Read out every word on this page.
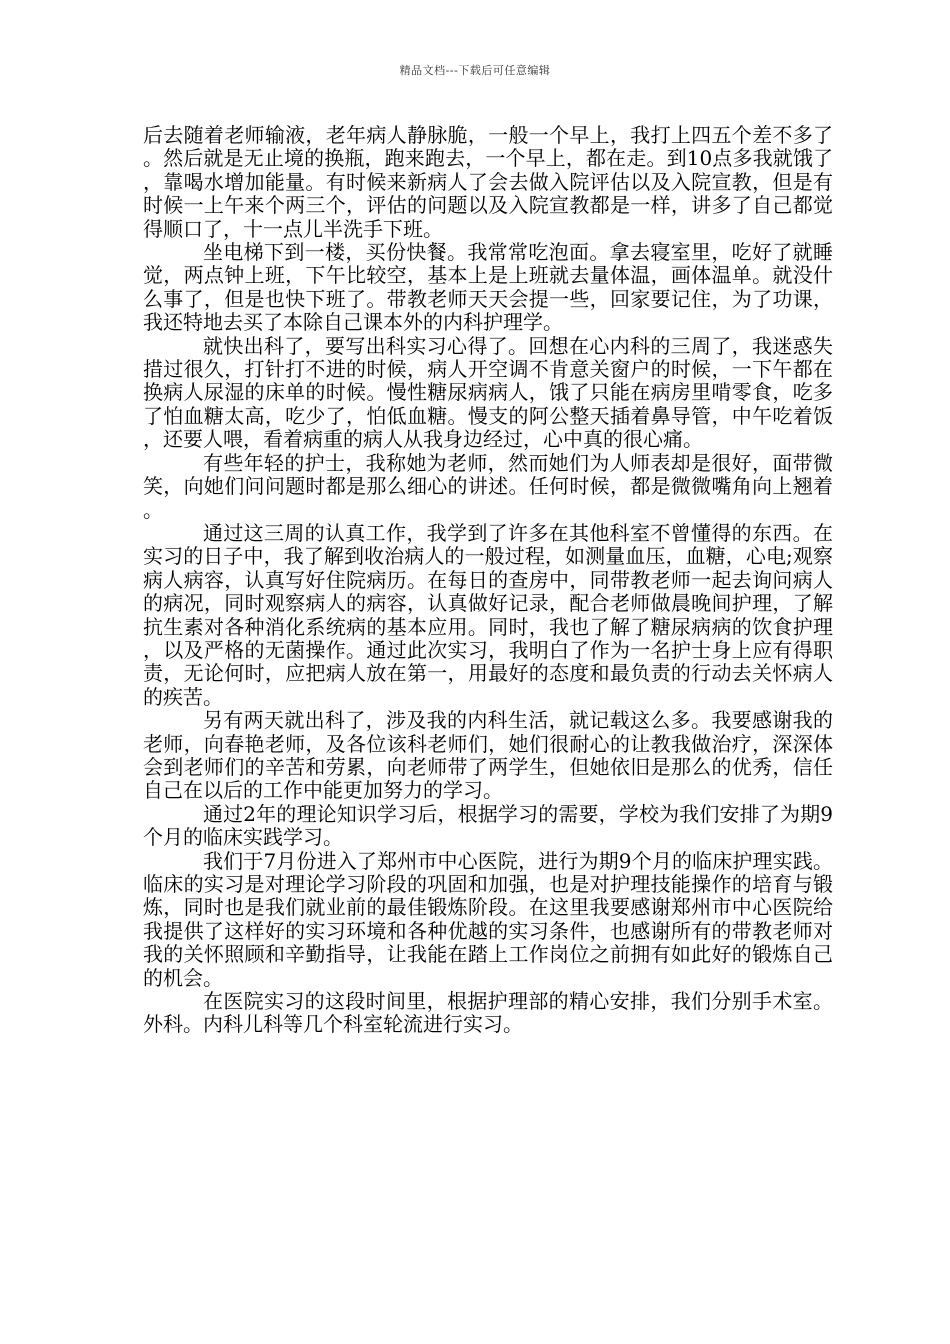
精品文档---下载后可任意编辑

后去随着老师输液，老年病人静脉脆，一般一个早上，我打上四五个差不多了。然后就是无止境的换瓶，跑来跑去，一个早上，都在走。到10点多我就饿了，靠喝水增加能量。有时候来新病人了会去做入院评估以及入院宣教，但是有时候一上午来个两三个，评估的问题以及入院宣教都是一样，讲多了自己都觉得顺口了，十一点儿半洗手下班。

坐电梯下到一楼，买份快餐。我常常吃泡面。拿去寝室里，吃好了就睡觉，两点钟上班，下午比较空，基本上是上班就去量体温，画体温单。就没什么事了，但是也快下班了。带教老师天天会提一些，回家要记住，为了功课，我还特地去买了本除自己课本外的内科护理学。

就快出科了，要写出科实习心得了。回想在心内科的三周了，我迷惑失措过很久，打针打不进的时候，病人开空调不肯意关窗户的时候，一下午都在换病人尿湿的床单的时候。慢性糖尿病病人，饿了只能在病房里啃零食，吃多了怕血糖太高，吃少了，怕低血糖。慢支的阿公整天插着鼻导管，中午吃着饭，还要人喂，看着病重的病人从我身边经过，心中真的很心痛。

有些年轻的护士，我称她为老师，然而她们为人师表却是很好，面带微笑，向她们问问题时都是那么细心的讲述。任何时候，都是微微嘴角向上翘着。

通过这三周的认真工作，我学到了许多在其他科室不曾懂得的东西。在实习的日子中，我了解到收治病人的一般过程，如测量血压，血糖，心电;观察病人病容，认真写好住院病历。在每日的查房中，同带教老师一起去询问病人的病况，同时观察病人的病容，认真做好记录，配合老师做晨晚间护理，了解抗生素对各种消化系统病的基本应用。同时，我也了解了糖尿病病的饮食护理，以及严格的无菌操作。通过此次实习，我明白了作为一名护士身上应有得职责，无论何时，应把病人放在第一，用最好的态度和最负责的行动去关怀病人的疾苦。

另有两天就出科了，涉及我的内科生活，就记载这么多。我要感谢我的老师，向春艳老师，及各位该科老师们，她们很耐心的让教我做治疗，深深体会到老师们的辛苦和劳累，向老师带了两学生，但她依旧是那么的优秀，信任自己在以后的工作中能更加努力的学习。

通过2年的理论知识学习后，根据学习的需要，学校为我们安排了为期9个月的临床实践学习。

我们于7月份进入了郑州市中心医院，进行为期9个月的临床护理实践。临床的实习是对理论学习阶段的巩固和加强，也是对护理技能操作的培育与锻炼，同时也是我们就业前的最佳锻炼阶段。在这里我要感谢郑州市中心医院给我提供了这样好的实习环境和各种优越的实习条件，也感谢所有的带教老师对我的关怀照顾和辛勤指导，让我能在踏上工作岗位之前拥有如此好的锻炼自己的机会。

在医院实习的这段时间里，根据护理部的精心安排，我们分别手术室。外科。内科儿科等几个科室轮流进行实习。
